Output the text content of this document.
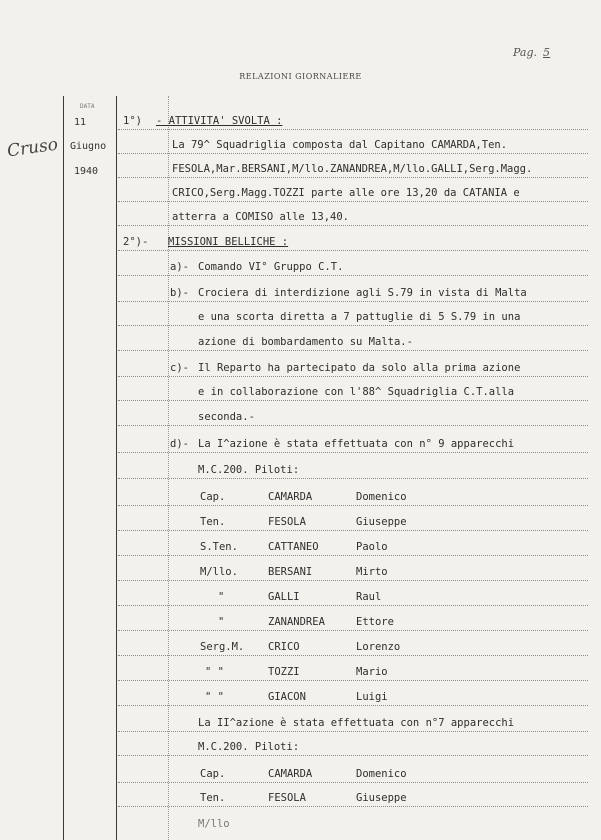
Pag. 5
RELAZIONI GIORNALIERE
DATA
11
Giugno
1940
Cruso
1°) - ATTIVITA' SVOLTA :
La 79^ Squadriglia composta dal Capitano CAMARDA,Ten.
FESOLA,Mar.BERSANI,M/llo.ZANANDREA,M/llo.GALLI,Serg.Magg.
CRICO,Serg.Magg.TOZZI parte alle ore 13,20 da CATANIA e
atterra a COMISO alle 13,40.
2°)- MISSIONI BELLICHE :
a)- Comando VI° Gruppo C.T.
b)- Crociera di interdizione agli S.79 in vista di Malta
e una scorta diretta a 7 pattuglie di 5 S.79 in una
azione di bombardamento su Malta.-
c)- Il Reparto ha partecipato da solo alla prima azione
e in collaborazione con l'88^ Squadriglia C.T.alla
seconda.-
d)- La I^azione è stata effettuata con n° 9 apparecchi
M.C.200. Piloti:
Cap.	CAMARDA	Domenico
Ten.	FESOLA	Giuseppe
S.Ten.	CATTANEO	Paolo
M/llo.	BERSANI	Mirto
"	GALLI	Raul
"	ZANANDREA	Ettore
Serg.M. CRICO	Lorenzo
" "	TOZZI	Mario
" "	GIACON	Luigi
La II^azione è stata effettuata con n°7 apparecchi
M.C.200. Piloti:
Cap.	CAMARDA	Domenico
Ten.	FESOLA	Giuseppe
M/llo
